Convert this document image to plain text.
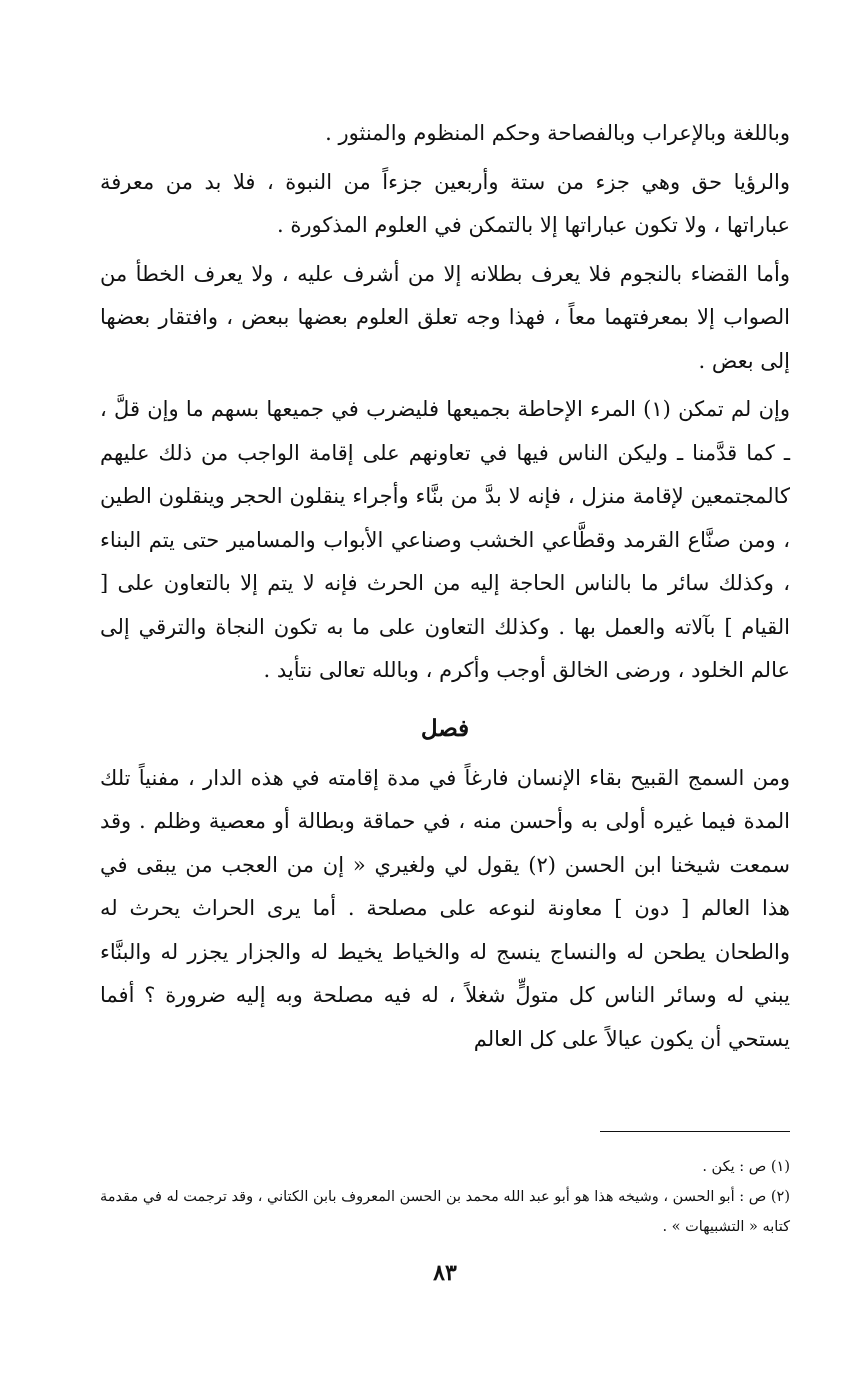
وباللغة وبالإعراب وبالفصاحة وحكم المنظوم والمنثور .

والرؤيا حق وهي جزء من ستة وأربعين جزءاً من النبوة ، فلا بد من معرفة عباراتها ، ولا تكون عباراتها إلا بالتمكن في العلوم المذكورة .

وأما القضاء بالنجوم فلا يعرف بطلانه إلا من أشرف عليه ، ولا يعرف الخطأ من الصواب إلا بمعرفتهما معاً ، فهذا وجه تعلق العلوم بعضها ببعض ، وافتقار بعضها إلى بعض .

وإن لم تمكن (١) المرء الإحاطة بجميعها فليضرب في جميعها بسهم ما وإن قلَّ ، ـ كما قدَّمنا ـ وليكن الناس فيها في تعاونهم على إقامة الواجب من ذلك عليهم كالمجتمعين لإقامة منزل ، فإنه لا بدَّ من بنَّاء وأجراء ينقلون الحجر وينقلون الطين ، ومن صنَّاع القرمد وقطَّاعي الخشب وصناعي الأبواب والمسامير حتى يتم البناء ، وكذلك سائر ما بالناس الحاجة إليه من الحرث فإنه لا يتم إلا بالتعاون على [ القيام ] بآلاته والعمل بها . وكذلك التعاون على ما به تكون النجاة والترقي إلى عالم الخلود ، ورضى الخالق أوجب وأكرم ، وبالله تعالى نتأيد .

فصل

ومن السمج القبيح بقاء الإنسان فارغاً في مدة إقامته في هذه الدار ، مفنياً تلك المدة فيما غيره أولى به وأحسن منه ، في حماقة وبطالة أو معصية وظلم . وقد سمعت شيخنا ابن الحسن (٢) يقول لي ولغيري « إن من العجب من يبقى في هذا العالم [ دون ] معاونة لنوعه على مصلحة . أما يرى الحراث يحرث له والطحان يطحن له والنساج ينسج له والخياط يخيط له والجزار يجزر له والبنَّاء يبني له وسائر الناس كل متولٍّ شغلاً ، له فيه مصلحة وبه إليه ضرورة ؟ أفما يستحي أن يكون عيالاً على كل العالم

(١) ص : يكن .

(٢) ص : أبو الحسن ، وشيخه هذا هو أبو عبد الله محمد بن الحسن المعروف بابن الكتاني ، وقد ترجمت له في مقدمة كتابه « التشبيهات » .

٨٣
